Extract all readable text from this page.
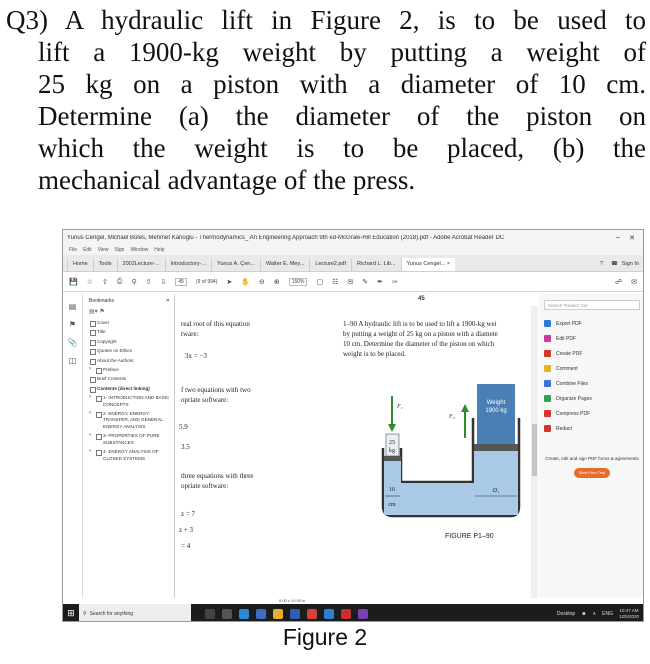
Q3) A hydraulic lift in Figure 2, is to be used to
lift a 1900-kg weight by putting a weight of
25 kg on a piston with a diameter of 10 cm.
Determine (a) the diameter of the piston on
which the weight is to be placed, (b) the
mechanical advantage of the press.
Yunus Cengel, Michael Boles, Mehmet Kanoglu - Thermodynamics_ An Engineering Approach 9th ed-McGraw-Hill Education (2018).pdf - Adobe Acrobat Reader DC	–	✕
File Edit View Sign Window Help
Home	Tools	2002Lecture-...	Introductory-...	Yunus A. Çen...	Walter E. Mey...	Lecture2.pdf	Richard L. Lib...	Yunus Cengel... ×	?	☎ Sign In
💾 ☆ ⇧ ⎙ ⚲ ⇧ ⇩	45	(9 of 994) ➤ ✋ ⊖ ⊕	150%	▢ ☷ ✉ ✎ ✒ ✑	☍ ✉
45
▤
⚑
📎
◫
Bookmarks	✕
▤▾ ⚑
Cover
Title
Copyright
Quotes on Ethics
About the Authors
Preface ›
Brief Contents
Contents (direct linking)
1- INTRODUCTION AND BASIC CONCEPTS ›
2- ENERGY, ENERGY TRANSFER, AND GENERAL ENERGY ANALYSIS ›
3- PROPERTIES OF PURE SUBSTANCES ›
4- ENERGY ANALYSIS OF CLOSED SYSTEMS ›
real root of this equation
tware:
3x = −3
f two equations with two
opriate software:
5.9
3.5
three equations with three
opriate software:
z = 7
z + 3
= 4
1–90 A hydraulic lift is to be used to lift a 1900-kg wei
by putting a weight of 25 kg on a piston with a diamete
10 cm. Determine the diameter of the piston on which
weight is to be placed.
Weight
1900 kg
F₁
F₂
25
kg
10
cm
D₂
FIGURE P1–90
Search 'Redact' Sor
Export PDF
Edit PDF
Create PDF
Comment
Combine Files
Organize Pages
Compress PDF
Redact
Create, edit and sign PDF forms & agreements
Start Free Trial
8.00 x 10.00 in
⊞	⚲ Search for anything	Desktop ☻ ∧ ENG
10:47 AM
12/5/2020
Figure 2
